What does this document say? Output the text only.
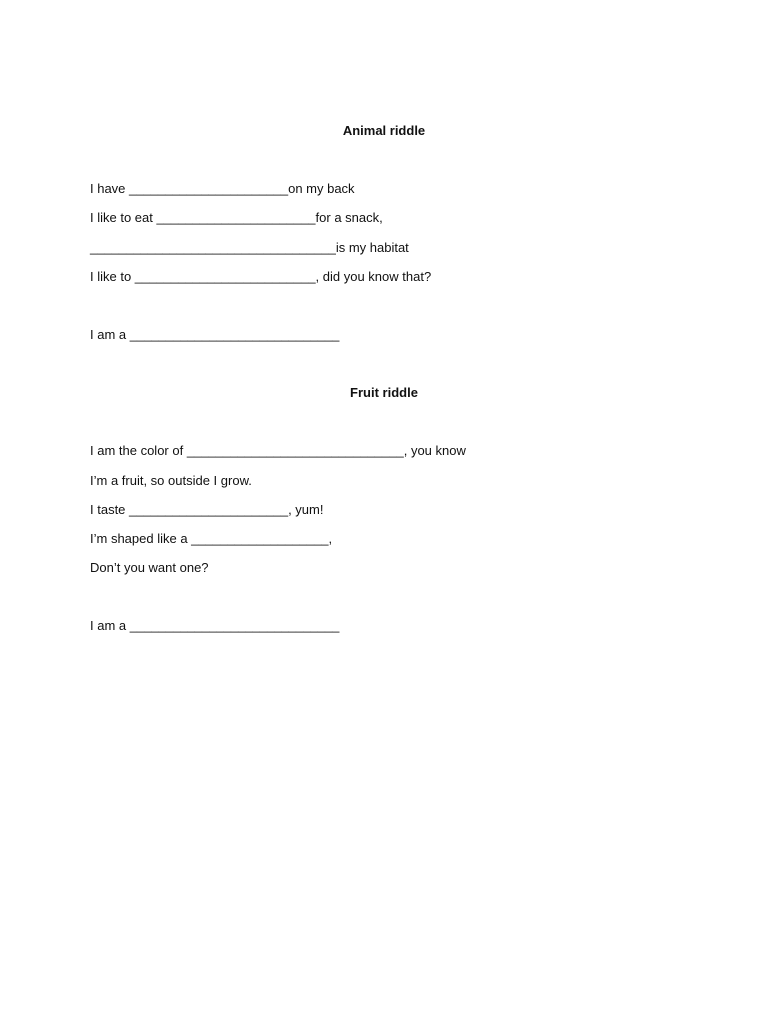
Animal riddle
I have ______________________on my back
I like to eat ______________________for a snack,
__________________________________is my habitat
I like to _________________________, did you know that?
I am a _____________________________
Fruit riddle
I am the color of ______________________________, you know
I’m a fruit, so outside I grow.
I taste ______________________, yum!
I’m shaped like a ___________________,
Don’t you want one?
I am a _____________________________
